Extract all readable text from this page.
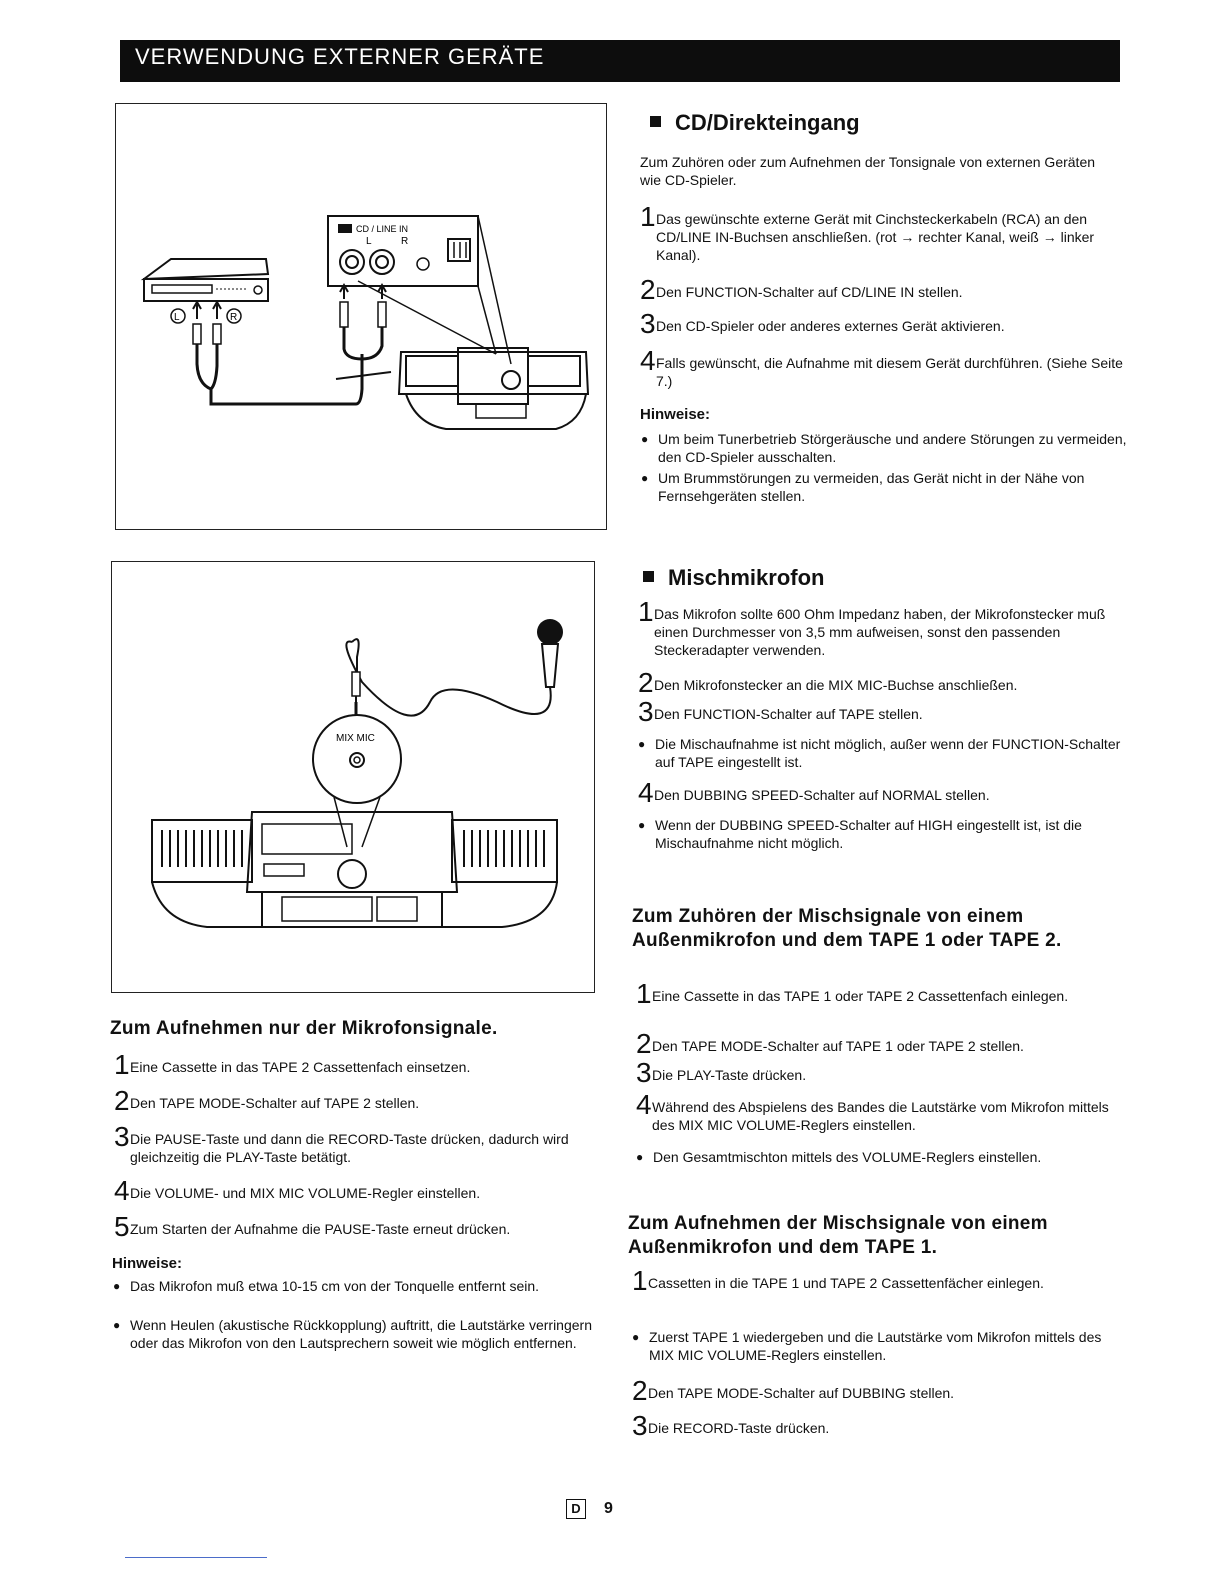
VERWENDUNG EXTERNER GERÄTE
L	R
CD / LINE IN
L	R
MIX MIC
CD/Direkteingang
Zum Zuhören oder zum Aufnehmen der Tonsignale von externen Geräten wie CD-Spieler.
1 Das gewünschte externe Gerät mit Cinchsteckerkabeln (RCA) an den CD/LINE IN-Buchsen anschließen. (rot → rechter Kanal, weiß → linker Kanal).
2 Den FUNCTION-Schalter auf CD/LINE IN stellen.
3 Den CD-Spieler oder anderes externes Gerät aktivieren.
4 Falls gewünscht, die Aufnahme mit diesem Gerät durchführen. (Siehe Seite 7.)
Hinweise:
● Um beim Tunerbetrieb Störgeräusche und andere Störungen zu vermeiden, den CD-Spieler ausschalten.
● Um Brummstörungen zu vermeiden, das Gerät nicht in der Nähe von Fernsehgeräten stellen.
Mischmikrofon
1 Das Mikrofon sollte 600 Ohm Impedanz haben, der Mikrofonstecker muß einen Durchmesser von 3,5 mm aufweisen, sonst den passenden Steckeradapter verwenden.
2 Den Mikrofonstecker an die MIX MIC-Buchse anschließen.
3 Den FUNCTION-Schalter auf TAPE stellen.
● Die Mischaufnahme ist nicht möglich, außer wenn der FUNCTION-Schalter auf TAPE eingestellt ist.
4 Den DUBBING SPEED-Schalter auf NORMAL stellen.
● Wenn der DUBBING SPEED-Schalter auf HIGH eingestellt ist, ist die Mischaufnahme nicht möglich.
Zum Zuhören der Mischsignale von einem Außenmikrofon und dem TAPE 1 oder TAPE 2.
1 Eine Cassette in das TAPE 1 oder TAPE 2 Cassettenfach einlegen.
2 Den TAPE MODE-Schalter auf TAPE 1 oder TAPE 2 stellen.
3 Die PLAY-Taste drücken.
4 Während des Abspielens des Bandes die Lautstärke vom Mikrofon mittels des MIX MIC VOLUME-Reglers einstellen.
● Den Gesamtmischton mittels des VOLUME-Reglers einstellen.
Zum Aufnehmen der Mischsignale von einem Außenmikrofon und dem TAPE 1.
1 Cassetten in die TAPE 1 und TAPE 2 Cassettenfächer einlegen.
● Zuerst TAPE 1 wiedergeben und die Lautstärke vom Mikrofon mittels des MIX MIC VOLUME-Reglers einstellen.
2 Den TAPE MODE-Schalter auf DUBBING stellen.
3 Die RECORD-Taste drücken.
Zum Aufnehmen nur der Mikrofonsignale.
1 Eine Cassette in das TAPE 2 Cassettenfach einsetzen.
2 Den TAPE MODE-Schalter auf TAPE 2 stellen.
3 Die PAUSE-Taste und dann die RECORD-Taste drücken, dadurch wird gleichzeitig die PLAY-Taste betätigt.
4 Die VOLUME- und MIX MIC VOLUME-Regler einstellen.
5 Zum Starten der Aufnahme die PAUSE-Taste erneut drücken.
Hinweise:
● Das Mikrofon muß etwa 10-15 cm von der Tonquelle entfernt sein.
● Wenn Heulen (akustische Rückkopplung) auftritt, die Lautstärke verringern oder das Mikrofon von den Lautsprechern soweit wie möglich entfernen.
D 9
